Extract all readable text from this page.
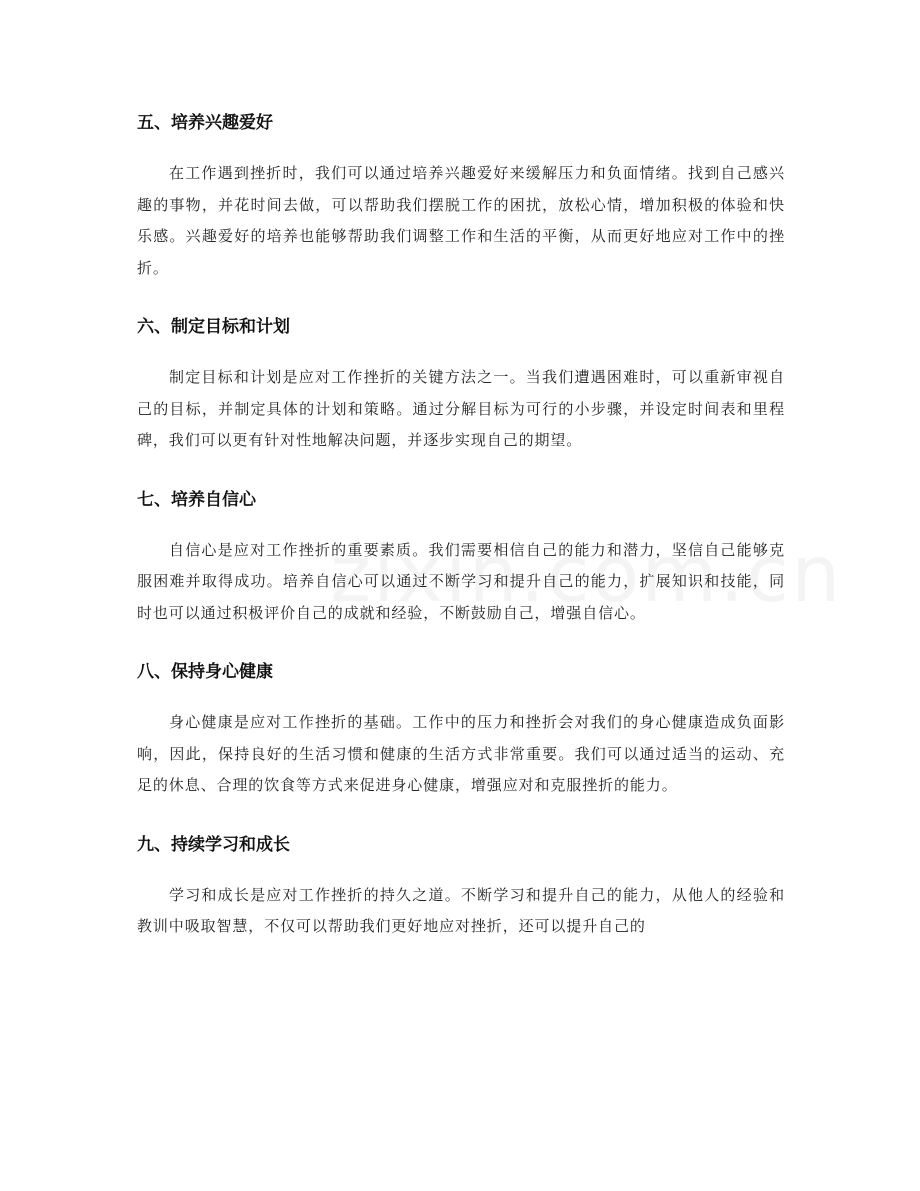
五、培养兴趣爱好

在工作遇到挫折时，我们可以通过培养兴趣爱好来缓解压力和负面情绪。找到自己感兴趣的事物，并花时间去做，可以帮助我们摆脱工作的困扰，放松心情，增加积极的体验和快乐感。兴趣爱好的培养也能够帮助我们调整工作和生活的平衡，从而更好地应对工作中的挫折。

六、制定目标和计划

制定目标和计划是应对工作挫折的关键方法之一。当我们遭遇困难时，可以重新审视自己的目标，并制定具体的计划和策略。通过分解目标为可行的小步骤，并设定时间表和里程碑，我们可以更有针对性地解决问题，并逐步实现自己的期望。

七、培养自信心

自信心是应对工作挫折的重要素质。我们需要相信自己的能力和潜力，坚信自己能够克服困难并取得成功。培养自信心可以通过不断学习和提升自己的能力，扩展知识和技能，同时也可以通过积极评价自己的成就和经验，不断鼓励自己，增强自信心。

八、保持身心健康

身心健康是应对工作挫折的基础。工作中的压力和挫折会对我们的身心健康造成负面影响，因此，保持良好的生活习惯和健康的生活方式非常重要。我们可以通过适当的运动、充足的休息、合理的饮食等方式来促进身心健康，增强应对和克服挫折的能力。

九、持续学习和成长

学习和成长是应对工作挫折的持久之道。不断学习和提升自己的能力，从他人的经验和教训中吸取智慧，不仅可以帮助我们更好地应对挫折，还可以提升自己的
